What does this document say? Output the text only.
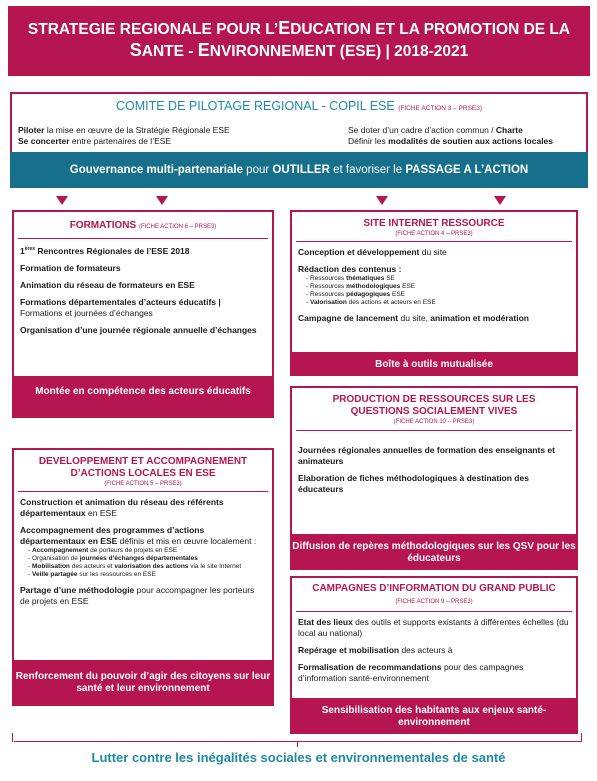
STRATEGIE REGIONALE POUR L’EDUCATION ET LA PROMOTION DE LA
SANTE - ENVIRONNEMENT (ESE) | 2018-2021
COMITE DE PILOTAGE REGIONAL - COPIL ESE (FICHE ACTION 3 – PRSE3)
Piloter la mise en œuvre de la Stratégie Régionale ESE
Se concerter entre partenaires de l’ESE
Se doter d’un cadre d’action commun / Charte
Définir les modalités de soutien aux actions locales
Gouvernance multi-partenariale pour OUTILLER et favoriser le PASSAGE A L’ACTION
FORMATIONS (FICHE ACTION 6 – PRSE3)

1ères Rencontres Régionales de l’ESE 2018

Formation de formateurs

Animation du réseau de formateurs en ESE

Formations départementales d’acteurs éducatifs |
Formations et journées d’échanges

Organisation d’une journée régionale annuelle d’échanges

Montée en compétence des acteurs éducatifs
SITE INTERNET RESSOURCE
(FICHE ACTION 4 – PRSE3)

Conception et développement du site

Rédaction des contenus :

- Ressources thématiques SE
- Ressources méthodologiques ESE
- Ressources pédagogiques ESE
- Valorisation des actions et acteurs en ESE

Campagne de lancement du site, animation et modération

Boîte à outils mutualisée
PRODUCTION DE RESSOURCES SUR LES QUESTIONS SOCIALEMENT VIVES
(FICHE ACTION 10 – PRSE3)

Journées régionales annuelles de formation des enseignants et animateurs

Elaboration de fiches méthodologiques à destination des éducateurs

Diffusion de repères méthodologiques sur les QSV pour les éducateurs
DEVELOPPEMENT ET ACCOMPAGNEMENT D’ACTIONS LOCALES EN ESE
(FICHE ACTION 5 – PRSE3)

Construction et animation du réseau des référents départementaux en ESE

Accompagnement des programmes d’actions départementaux en ESE définis et mis en œuvre localement :

- Accompagnement de porteurs de projets en ESE
- Organisation de journées d’échanges départementales
- Mobilisation des acteurs et valorisation des actions via le site Internet
- Veille partagée sur les ressources en ESE

Partage d’une méthodologie pour accompagner les porteurs de projets en ESE

Renforcement du pouvoir d’agir des citoyens sur leur santé et leur environnement
CAMPAGNES D’INFORMATION DU GRAND PUBLIC (FICHE ACTION 9 – PRSE3)

Etat des lieux des outils et supports existants à différentes échelles (du local au national)

Repérage et mobilisation des acteurs à

Formalisation de recommandations pour des campagnes d’information santé-environnement

Sensibilisation des habitants aux enjeux santé-environnement
Lutter contre les inégalités sociales et environnementales de santé
